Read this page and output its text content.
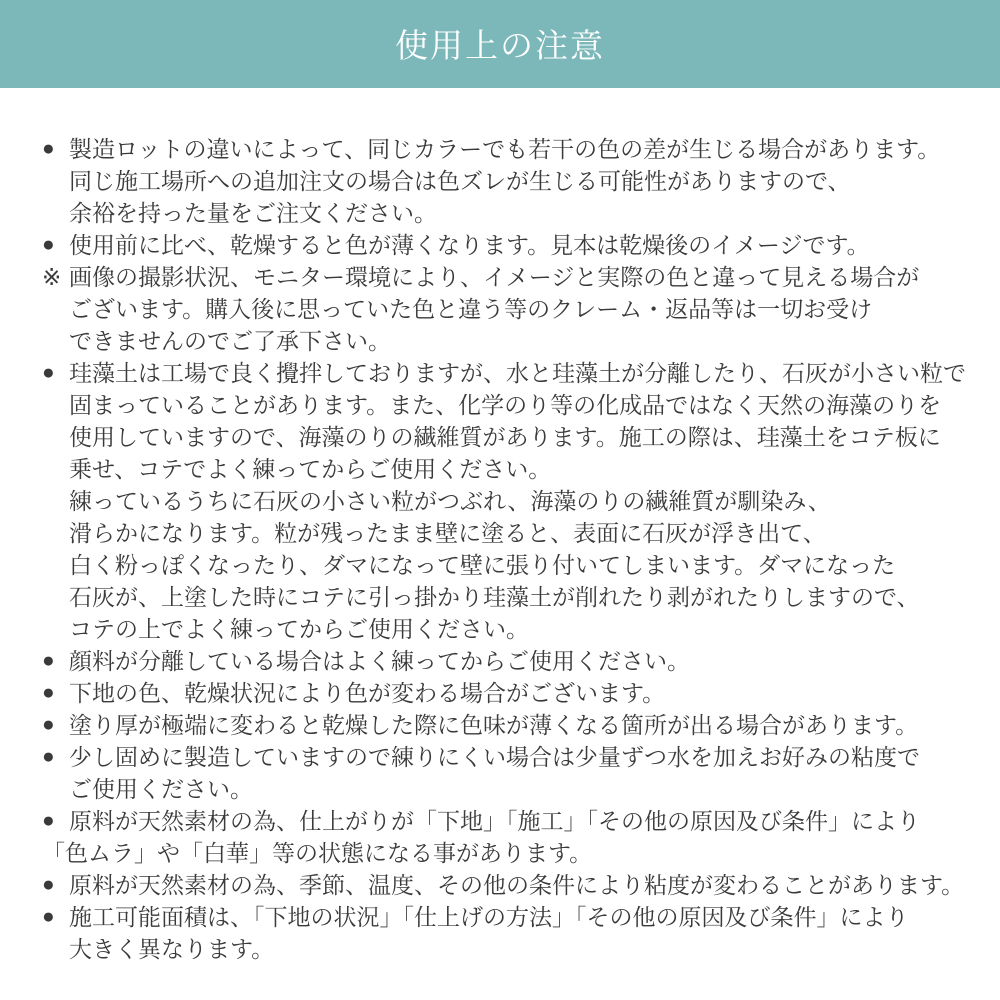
使用上の注意
● 製造ロットの違いによって、同じカラーでも若干の色の差が生じる場合があります。
同じ施工場所への追加注文の場合は色ズレが生じる可能性がありますので、
余裕を持った量をご注文ください。
● 使用前に比べ、乾燥すると色が薄くなります。見本は乾燥後のイメージです。
※ 画像の撮影状況、モニター環境により、イメージと実際の色と違って見える場合が
ございます。購入後に思っていた色と違う等のクレーム・返品等は一切お受け
できませんのでご了承下さい。
● 珪藻土は工場で良く攪拌しておりますが、水と珪藻土が分離したり、石灰が小さい粒で
固まっていることがあります。また、化学のり等の化成品ではなく天然の海藻のりを
使用していますので、海藻のりの繊維質があります。施工の際は、珪藻土をコテ板に
乗せ、コテでよく練ってからご使用ください。
練っているうちに石灰の小さい粒がつぶれ、海藻のりの繊維質が馴染み、
滑らかになります。粒が残ったまま壁に塗ると、表面に石灰が浮き出て、
白く粉っぽくなったり、ダマになって壁に張り付いてしまいます。ダマになった
石灰が、上塗した時にコテに引っ掛かり珪藻土が削れたり剥がれたりしますので、
コテの上でよく練ってからご使用ください。
● 顔料が分離している場合はよく練ってからご使用ください。
● 下地の色、乾燥状況により色が変わる場合がございます。
● 塗り厚が極端に変わると乾燥した際に色味が薄くなる箇所が出る場合があります。
● 少し固めに製造していますので練りにくい場合は少量ずつ水を加えお好みの粘度で
ご使用ください。
● 原料が天然素材の為、仕上がりが「下地」「施工」「その他の原因及び条件」により
「色ムラ」や「白華」等の状態になる事があります。
● 原料が天然素材の為、季節、温度、その他の条件により粘度が変わることがあります。
● 施工可能面積は、「下地の状況」「仕上げの方法」「その他の原因及び条件」により
大きく異なります。
